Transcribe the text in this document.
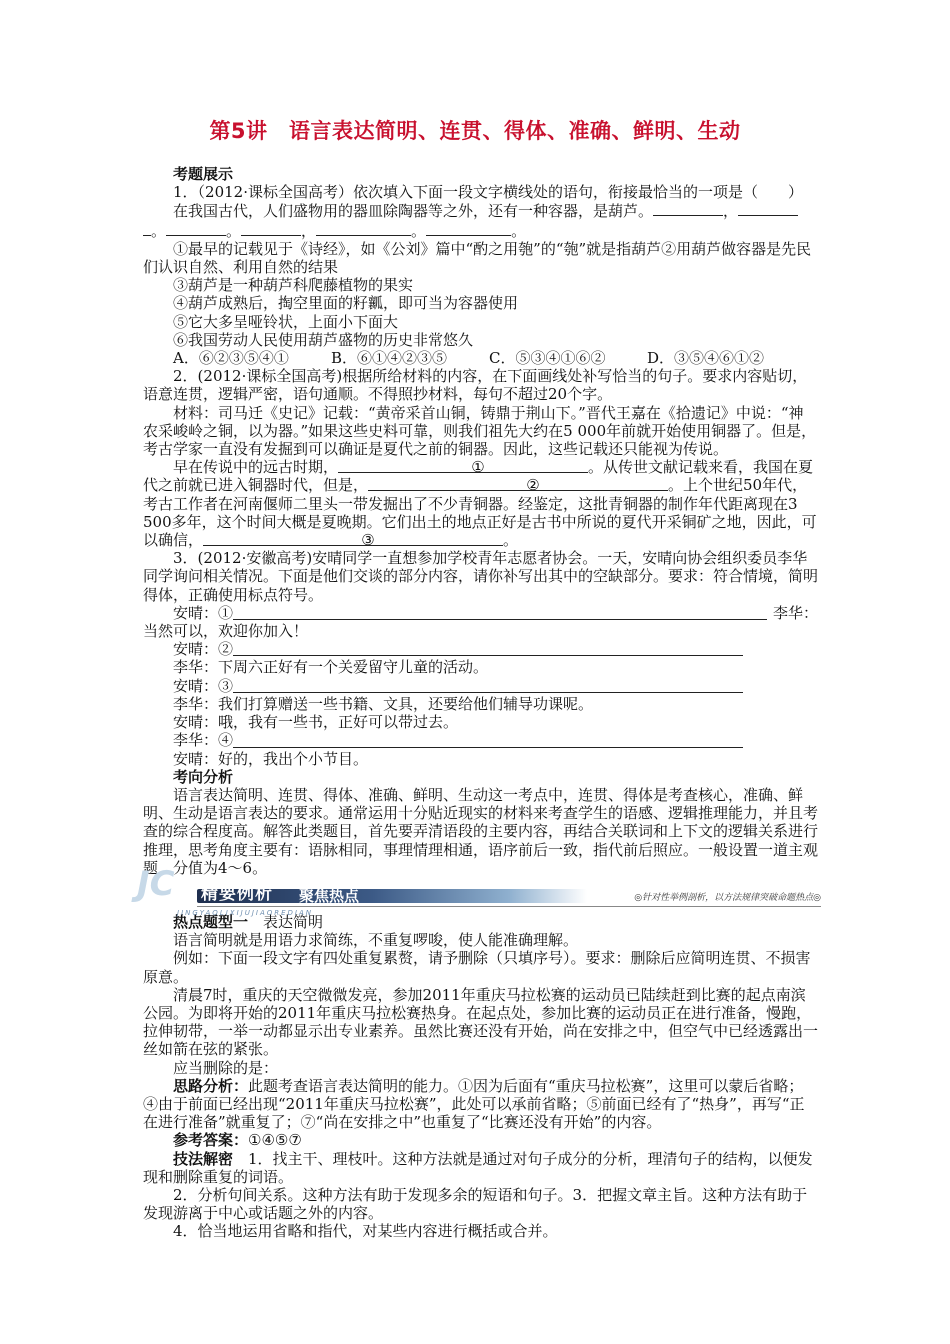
第5讲　语言表达简明、连贯、得体、准确、鲜明、生动

考题展示

1．（2012·课标全国高考）依次填入下面一段文字横线处的语句，衔接最恰当的一项是（　　）

在我国古代，人们盛物用的器皿除陶器等之外，还有一种容器，是葫芦。	，
。	。	，	。	。

①最早的记载见于《诗经》，如《公刘》篇中“酌之用匏”的“匏”就是指葫芦②用葫芦做容器是先民们认识自然、利用自然的结果

③葫芦是一种葫芦科爬藤植物的果实

④葫芦成熟后，掏空里面的籽瓤，即可当为容器使用

⑤它大多呈哑铃状，上面小下面大

⑥我国劳动人民使用葫芦盛物的历史非常悠久

A．⑥②③⑤④①	B．⑥①④②③⑤	C．⑤③④①⑥②	D．③⑤④⑥①②

2．(2012·课标全国高考)根据所给材料的内容，在下面画线处补写恰当的句子。要求内容贴切，语意连贯，逻辑严密，语句通顺。不得照抄材料，每句不超过20个字。

材料：司马迁《史记》记载：“黄帝采首山铜，铸鼎于荆山下。”晋代王嘉在《拾遗记》中说：“神农采峻岭之铜，以为器。”如果这些史料可靠，则我们祖先大约在5 000年前就开始使用铜器了。但是，考古学家一直没有发掘到可以确证是夏代之前的铜器。因此，这些记载还只能视为传说。

早在传说中的远古时期，	①	。从传世文献记载来看，我国在夏代之前就已进入铜器时代，但是，	②	。上个世纪50年代，考古工作者在河南偃师二里头一带发掘出了不少青铜器。经鉴定，这批青铜器的制作年代距离现在3 500多年，这个时间大概是夏晚期。它们出土的地点正好是古书中所说的夏代开采铜矿之地，因此，可以确信，	③	。

3．(2012·安徽高考)安晴同学一直想参加学校青年志愿者协会。一天，安晴向协会组织委员李华同学询问相关情况。下面是他们交谈的部分内容，请你补写出其中的空缺部分。要求：符合情境，简明得体，正确使用标点符号。

安晴：①	李华：

当然可以，欢迎你加入！

安晴：②

李华：下周六正好有一个关爱留守儿童的活动。

安晴：③

李华：我们打算赠送一些书籍、文具，还要给他们辅导功课呢。

安晴：哦，我有一些书，正好可以带过去。

李华：④

安晴：好的，我出个小节目。

考向分析

语言表达简明、连贯、得体、准确、鲜明、生动这一考点中，连贯、得体是考查核心，准确、鲜明、生动是语言表达的要求。通常运用十分贴近现实的材料来考查学生的语感、逻辑推理能力，并且考查的综合程度高。解答此类题目，首先要弄清语段的主要内容，再结合关联词和上下文的逻辑关系进行推理，思考角度主要有：语脉相同，事理情理相通，语序前后一致，指代前后照应。一般设置一道主观题，分值为4～6。

JC 精要例析 聚焦热点
JINGYAOLIXIJUJIAOREDIAN
◎针对性举例剖析，以方法规律突破命题热点◎

热点题型一　 表达简明

语言简明就是用语力求简练，不重复啰唆，使人能准确理解。

例如：下面一段文字有四处重复累赘，请予删除（只填序号）。要求：删除后应简明连贯、不损害原意。

清晨7时，重庆的天空微微发亮，参加2011年重庆马拉松赛的运动员已陆续赶到比赛的起点南滨公园。为即将开始的2011年重庆马拉松赛热身。在起点处，参加比赛的运动员正在进行准备，慢跑，拉伸韧带，一举一动都显示出专业素养。虽然比赛还没有开始，尚在安排之中，但空气中已经透露出一丝如箭在弦的紧张。

应当删除的是：

思路分析：此题考查语言表达简明的能力。①因为后面有“重庆马拉松赛”，这里可以蒙后省略；④由于前面已经出现“2011年重庆马拉松赛”，此处可以承前省略；⑤前面已经有了“热身”，再写“正在进行准备”就重复了；⑦“尚在安排之中”也重复了“比赛还没有开始”的内容。

参考答案：①④⑤⑦

技法解密　1．找主干、理枝叶。这种方法就是通过对句子成分的分析，理清句子的结构，以便发现和删除重复的词语。

2．分析句间关系。这种方法有助于发现多余的短语和句子。3．把握文章主旨。这种方法有助于发现游离于中心或话题之外的内容。

4．恰当地运用省略和指代，对某些内容进行概括或合并。
